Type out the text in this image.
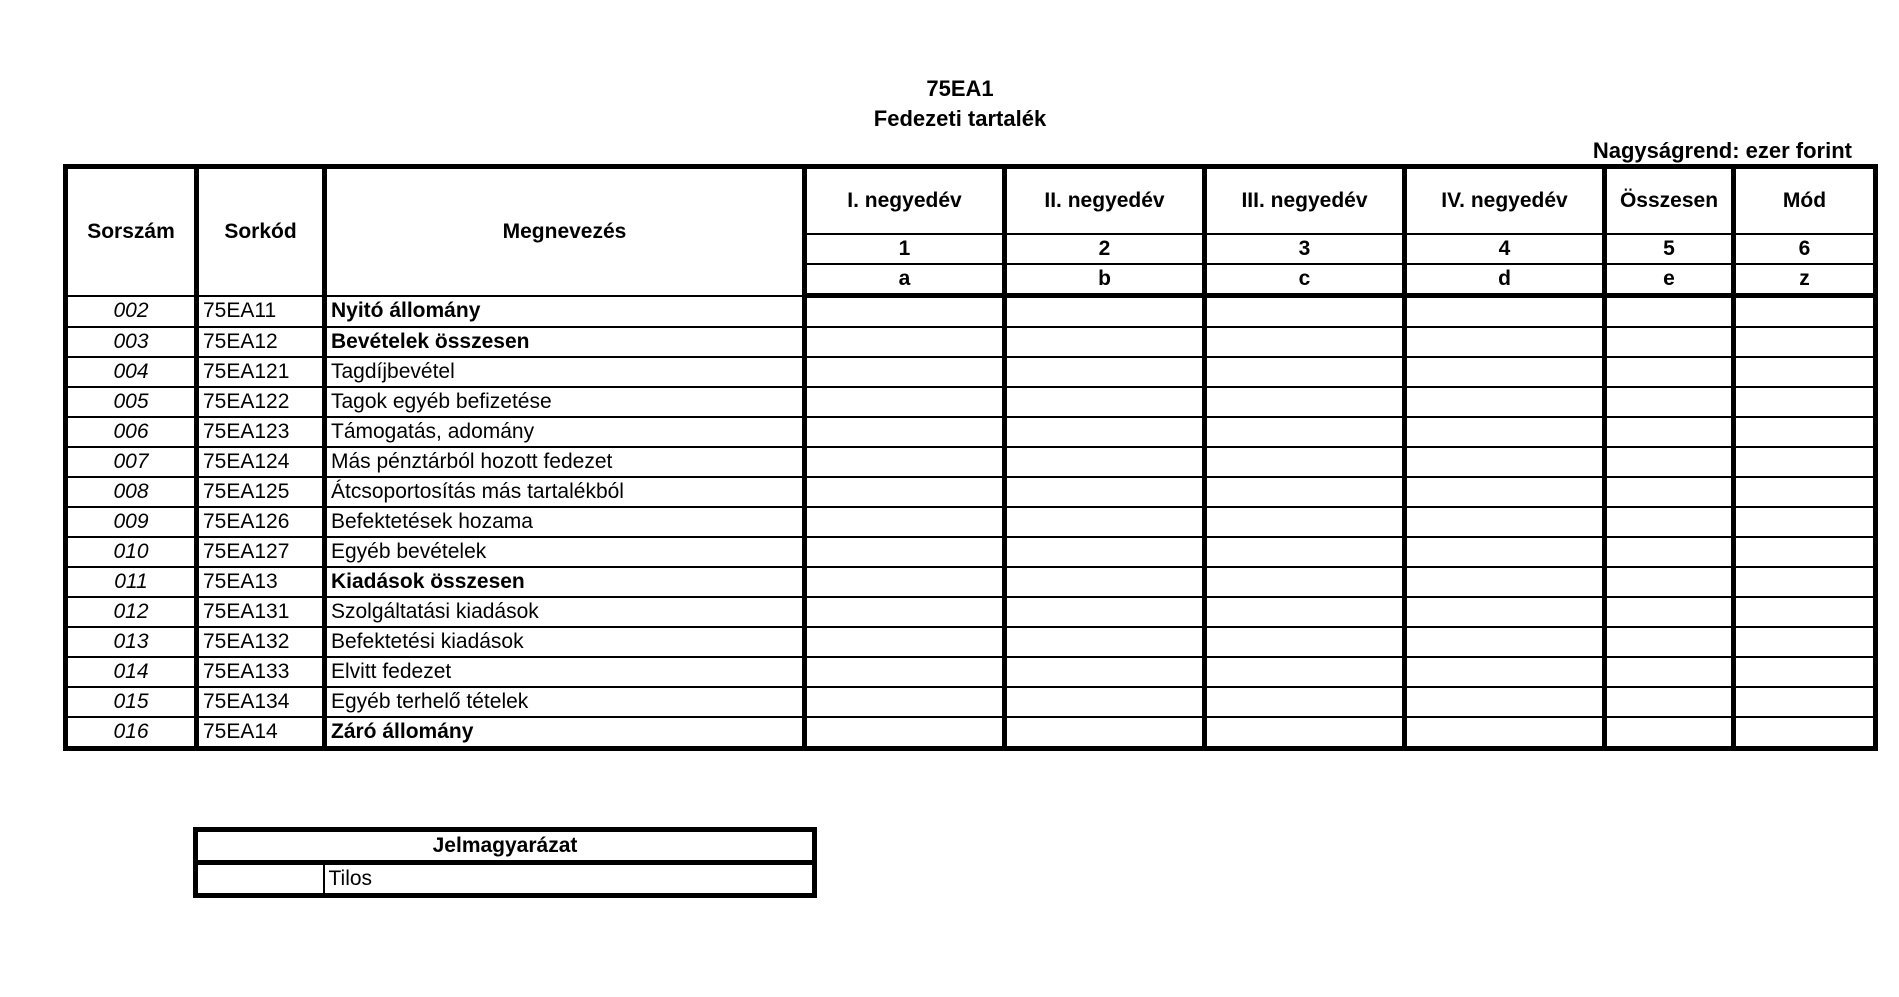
75EA1
Fedezeti tartalék
Nagyságrend: ezer forint
Sorszám	Sorkód	Megnevezés	I. negyedév	II. negyedév	III. negyedév	IV. negyedév	Összesen	Mód
			1	2	3	4	5	6
			a	b	c	d	e	z
002	75EA11	Nyitó állomány						
003	75EA12	Bevételek összesen						
004	75EA121	Tagdíjbevétel						
005	75EA122	Tagok egyéb befizetése						
006	75EA123	Támogatás, adomány						
007	75EA124	Más pénztárból hozott fedezet						
008	75EA125	Átcsoportosítás más tartalékból						
009	75EA126	Befektetések hozama						
010	75EA127	Egyéb bevételek						
011	75EA13	Kiadások összesen						
012	75EA131	Szolgáltatási kiadások						
013	75EA132	Befektetési kiadások						
014	75EA133	Elvitt fedezet						
015	75EA134	Egyéb terhelő tételek						
016	75EA14	Záró állomány						
Jelmagyarázat
	Tilos
